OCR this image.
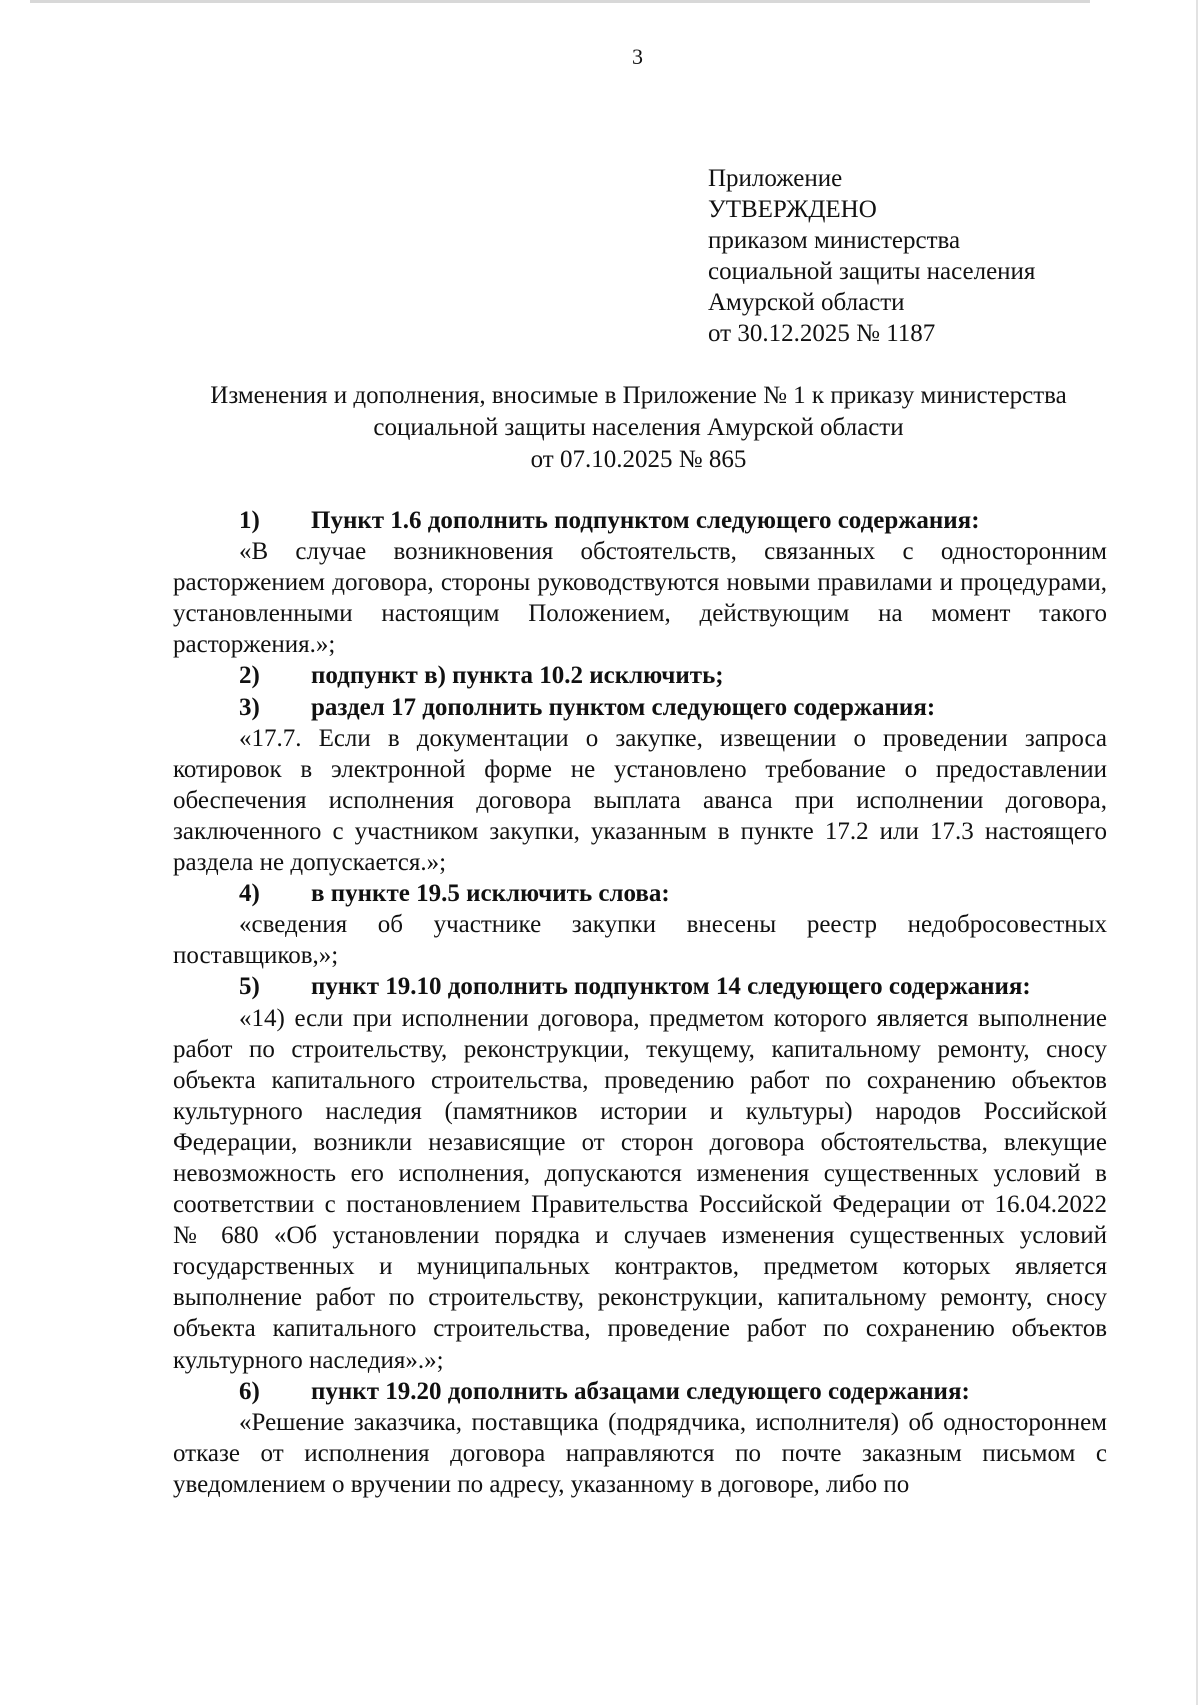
3
Приложение
УТВЕРЖДЕНО
приказом министерства
социальной защиты населения
Амурской области
от 30.12.2025 № 1187
Изменения и дополнения, вносимые в Приложение № 1 к приказу министерства
социальной защиты населения Амурской области
от 07.10.2025 № 865
1) Пункт 1.6 дополнить подпунктом следующего содержания:

«В случае возникновения обстоятельств, связанных с односторонним расторжением договора, стороны руководствуются новыми правилами и процедурами, установленными настоящим Положением, действующим на момент такого расторжения.»;

2) подпункт в) пункта 10.2 исключить;
3) раздел 17 дополнить пунктом следующего содержания:

«17.7. Если в документации о закупке, извещении о проведении запроса котировок в электронной форме не установлено требование о предоставлении обеспечения исполнения договора выплата аванса при исполнении договора, заключенного с участником закупки, указанным в пункте 17.2 или 17.3 настоящего раздела не допускается.»;

4) в пункте 19.5 исключить слова:

«сведения об участнике закупки внесены реестр недобросовестных поставщиков,»;

5) пункт 19.10 дополнить подпунктом 14 следующего содержания:

«14) если при исполнении договора, предметом которого является выполнение работ по строительству, реконструкции, текущему, капитальному ремонту, сносу объекта капитального строительства, проведению работ по сохранению объектов культурного наследия (памятников истории и культуры) народов Российской Федерации, возникли независящие от сторон договора обстоятельства, влекущие невозможность его исполнения, допускаются изменения существенных условий в соответствии с постановлением Правительства Российской Федерации от 16.04.2022 № 680 «Об установлении порядка и случаев изменения существенных условий государственных и муниципальных контрактов, предметом которых является выполнение работ по строительству, реконструкции, капитальному ремонту, сносу объекта капитального строительства, проведение работ по сохранению объектов культурного наследия».»;

6) пункт 19.20 дополнить абзацами следующего содержания:

«Решение заказчика, поставщика (подрядчика, исполнителя) об одностороннем отказе от исполнения договора направляются по почте заказным письмом с уведомлением о вручении по адресу, указанному в договоре, либо по
